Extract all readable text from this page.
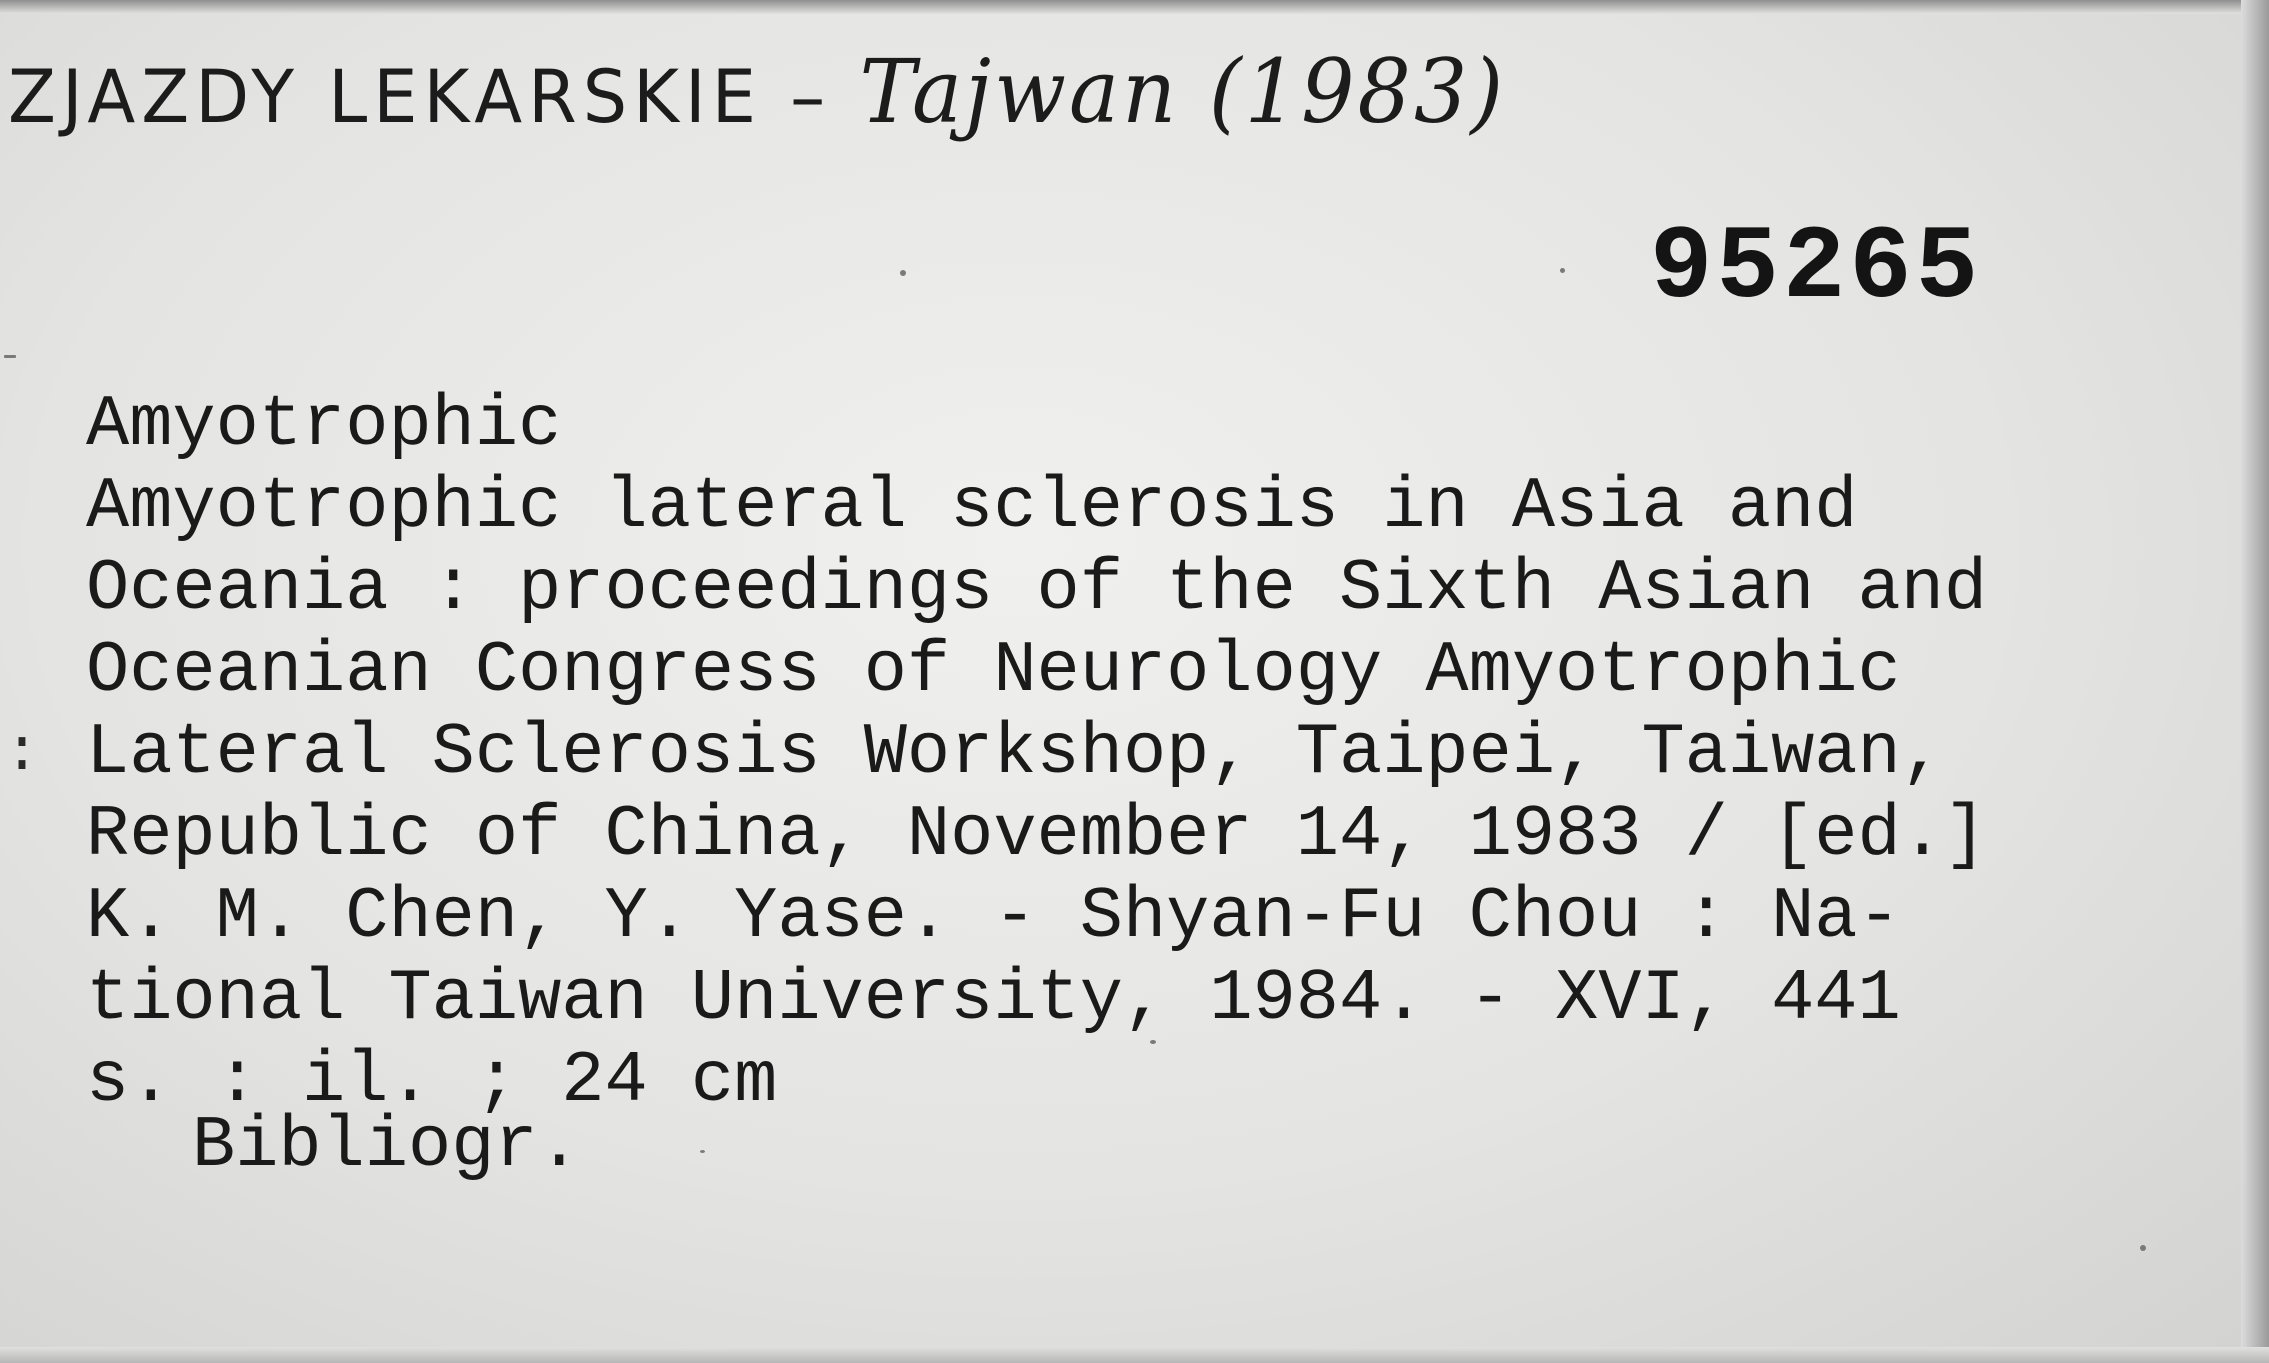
ZJAZDY LEKARSKIE – Tajwan (1983)
95265
Amyotrophic
Amyotrophic lateral sclerosis in Asia and
Oceania : proceedings of the Sixth Asian and
Oceanian Congress of Neurology Amyotrophic
Lateral Sclerosis Workshop, Taipei, Taiwan,
Republic of China, November 14, 1983 / [ed.]
K. M. Chen, Y. Yase. - Shyan-Fu Chou : Na-
tional Taiwan University, 1984. - XVI, 441
s. : il. ; 24 cm
Bibliogr.
:
